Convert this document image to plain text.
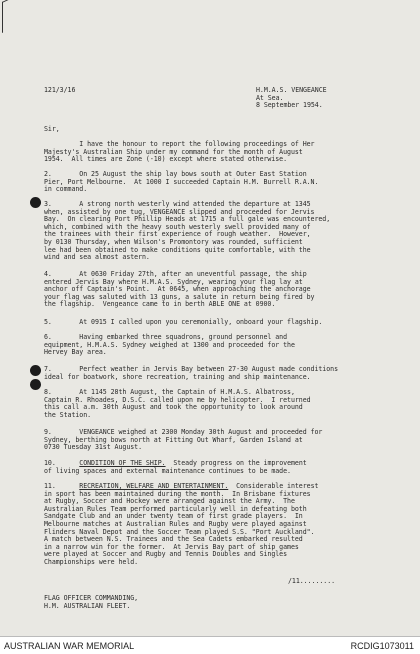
121/3/16	H.M.A.S. VENGEANCE
At Sea.
8 September 1954.
Sir,
I have the honour to report the following proceedings of Her
Majesty's Australian Ship under my command for the month of August
1954.  All times are Zone (-10) except where stated otherwise.
2.       On 25 August the ship lay bows south at Outer East Station
Pier, Port Melbourne.  At 1000 I succeeded Captain H.M. Burrell R.A.N.
in command.
3.       A strong north westerly wind attended the departure at 1345
when, assisted by one tug, VENGEANCE slipped and proceeded for Jervis
Bay.  On clearing Port Phillip Heads at 1715 a full gale was encountered,
which, combined with the heavy south westerly swell provided many of
the trainees with their first experience of rough weather.  However,
by 0130 Thursday, when Wilson's Promontory was rounded, sufficient
lee had been obtained to make conditions quite comfortable, with the
wind and sea almost astern.
4.       At 0630 Friday 27th, after an uneventful passage, the ship
entered Jervis Bay where H.M.A.S. Sydney, wearing your flag lay at
anchor off Captain's Point.  At 0645, when approaching the anchorage
your flag was saluted with 13 guns, a salute in return being fired by
the flagship.  Vengeance came to in berth ABLE ONE at 0900.
5.       At 0915 I called upon you ceremonially, onboard your flagship.
6.       Having embarked three squadrons, ground personnel and
equipment, H.M.A.S. Sydney weighed at 1300 and proceeded for the
Hervey Bay area.
7.       Perfect weather in Jervis Bay between 27-30 August made conditions
ideal for boatwork, shore recreation, training and ship maintenance.
8.       At 1145 28th August, the Captain of H.M.A.S. Albatross,
Captain R. Rhoades, D.S.C. called upon me by helicopter.  I returned
this call a.m. 30th August and took the opportunity to look around
the Station.
9.       VENGEANCE weighed at 2300 Monday 30th August and proceeded for
Sydney, berthing bows north at Fitting Out Wharf, Garden Island at
0730 Tuesday 31st August.
10.	CONDITION OF THE SHIP. Steady progress on the improvement
of living spaces and external maintenance continues to be made.
11.	RECREATION, WELFARE AND ENTERTAINMENT. Considerable interest
in sport has been maintained during the month.  In Brisbane fixtures
at Rugby, Soccer and Hockey were arranged against the Army.  The
Australian Rules Team performed particularly well in defeating both
Sandgate Club and an under twenty team of first grade players.  In
Melbourne matches at Australian Rules and Rugby were played against
Flinders Naval Depot and the Soccer Team played S.S. "Port Auckland".
A match between N.S. Trainees and the Sea Cadets embarked resulted
in a narrow win for the former.  At Jervis Bay part of ship games
were played at Soccer and Rugby and Tennis Doubles and Singles
Championships were held.
/11.........
FLAG OFFICER COMMANDING,
H.M. AUSTRALIAN FLEET.
AUSTRALIAN WAR MEMORIAL	RCDIG1073011
